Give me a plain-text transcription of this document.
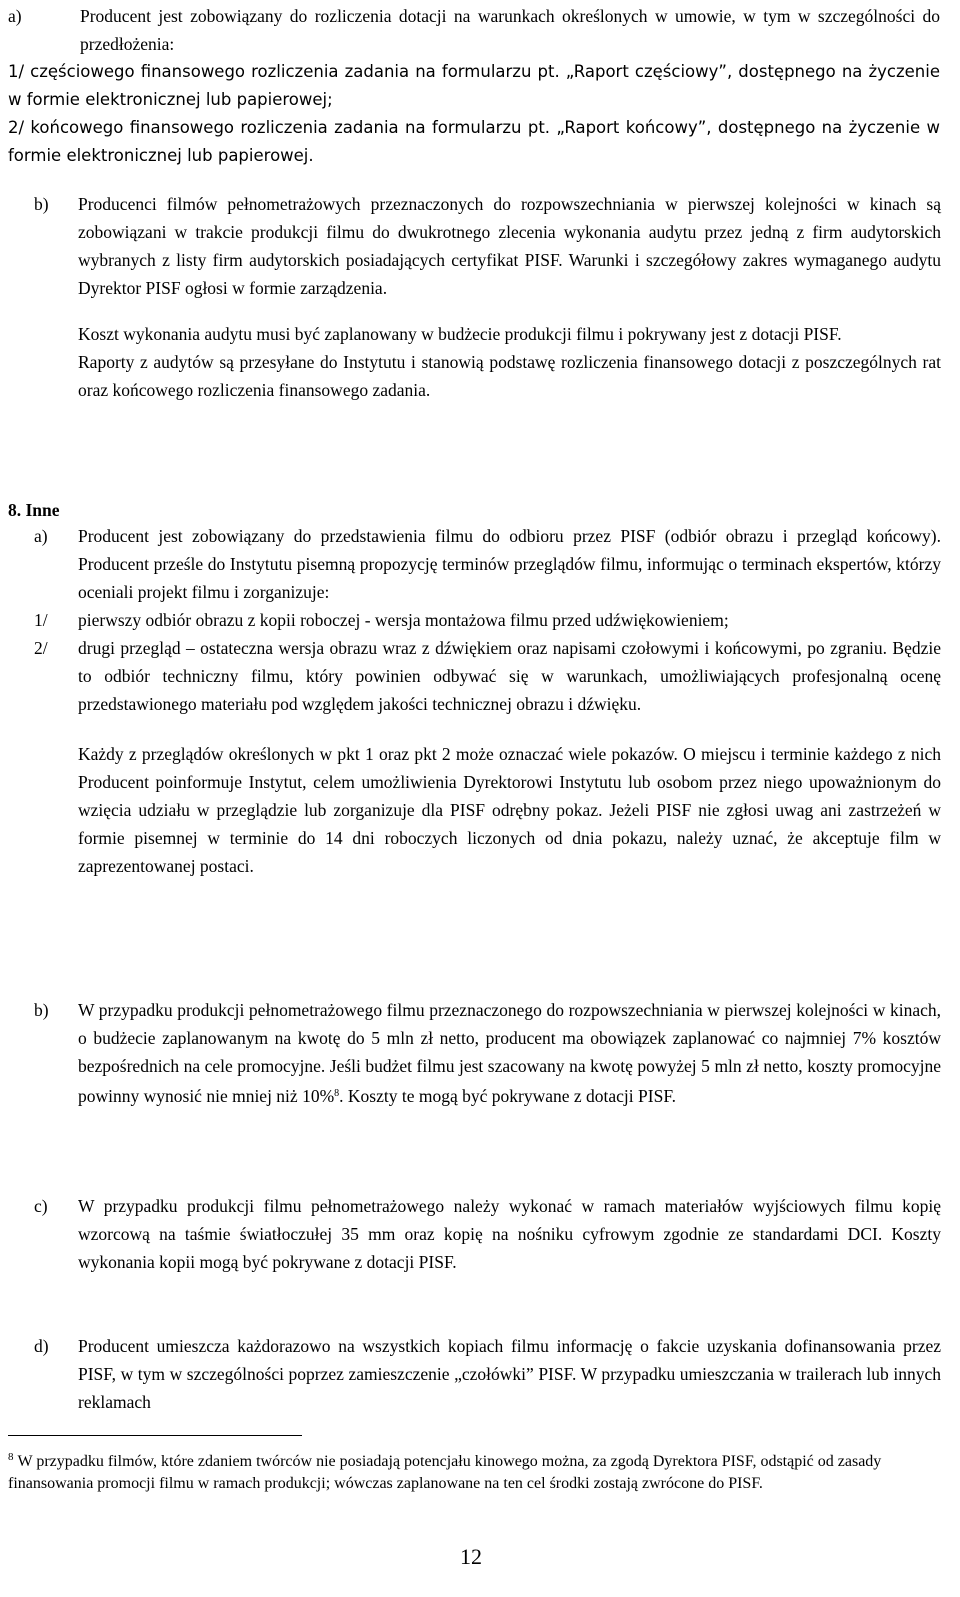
a)	Producent jest zobowiązany do rozliczenia dotacji na warunkach określonych w umowie, w tym w szczególności do przedłożenia:
1/ częściowego finansowego rozliczenia zadania na formularzu pt. „Raport częściowy”, dostępnego na życzenie w formie elektronicznej lub papierowej;
2/ końcowego finansowego rozliczenia zadania na formularzu pt. „Raport końcowy”, dostępnego na życzenie w formie elektronicznej lub papierowej.
b) Producenci filmów pełnometrażowych przeznaczonych do rozpowszechniania w pierwszej kolejności w kinach są zobowiązani w trakcie produkcji filmu do dwukrotnego zlecenia wykonania audytu przez jedną z firm audytorskich wybranych z listy firm audytorskich posiadających certyfikat PISF. Warunki i szczegółowy zakres wymaganego audytu Dyrektor PISF ogłosi w formie zarządzenia.

Koszt wykonania audytu musi być zaplanowany w budżecie produkcji filmu i pokrywany jest z dotacji PISF.

Raporty z audytów są przesyłane do Instytutu i stanowią podstawę rozliczenia finansowego dotacji z poszczególnych rat oraz końcowego rozliczenia finansowego zadania.

8. Inne
a) Producent jest zobowiązany do przedstawienia filmu do odbioru przez PISF (odbiór obrazu i przegląd końcowy). Producent prześle do Instytutu pisemną propozycję terminów przeglądów filmu, informując o terminach ekspertów, którzy oceniali projekt filmu i zorganizuje:

1/ pierwszy odbiór obrazu z kopii roboczej - wersja montażowa filmu przed udźwiękowieniem;
2/ drugi przegląd – ostateczna wersja obrazu wraz z dźwiękiem oraz napisami czołowymi i końcowymi, po zgraniu. Będzie to odbiór techniczny filmu, który powinien odbywać się w warunkach, umożliwiających profesjonalną ocenę przedstawionego materiału pod względem jakości technicznej obrazu i dźwięku.

Każdy z przeglądów określonych w pkt 1 oraz pkt 2 może oznaczać wiele pokazów. O miejscu i terminie każdego z nich Producent poinformuje Instytut, celem umożliwienia Dyrektorowi Instytutu lub osobom przez niego upoważnionym do wzięcia udziału w przeglądzie lub zorganizuje dla PISF odrębny pokaz. Jeżeli PISF nie zgłosi uwag ani zastrzeżeń w formie pisemnej w terminie do 14 dni roboczych liczonych od dnia pokazu, należy uznać, że akceptuje film w zaprezentowanej postaci.

b) W przypadku produkcji pełnometrażowego filmu przeznaczonego do rozpowszechniania w pierwszej kolejności w kinach, o budżecie zaplanowanym na kwotę do 5 mln zł netto, producent ma obowiązek zaplanować co najmniej 7% kosztów bezpośrednich na cele promocyjne. Jeśli budżet filmu jest szacowany na kwotę powyżej 5 mln zł netto, koszty promocyjne powinny wynosić nie mniej niż 10%$^8$. Koszty te mogą być pokrywane z dotacji PISF.

c) W przypadku produkcji filmu pełnometrażowego należy wykonać w ramach materiałów wyjściowych filmu kopię wzorcową na taśmie światłoczułej 35 mm oraz kopię na nośniku cyfrowym zgodnie ze standardami DCI. Koszty wykonania kopii mogą być pokrywane z dotacji PISF.

d) Producent umieszcza każdorazowo na wszystkich kopiach filmu informację o fakcie uzyskania dofinansowania przez PISF, w tym w szczególności poprzez zamieszczenie „czołówki” PISF. W przypadku umieszczania w trailerach lub innych reklamach

$^8$ W przypadku filmów, które zdaniem twórców nie posiadają potencjału kinowego można, za zgodą Dyrektora PISF, odstąpić od zasady finansowania promocji filmu w ramach produkcji; wówczas zaplanowane na ten cel środki zostają zwrócone do PISF.
12
